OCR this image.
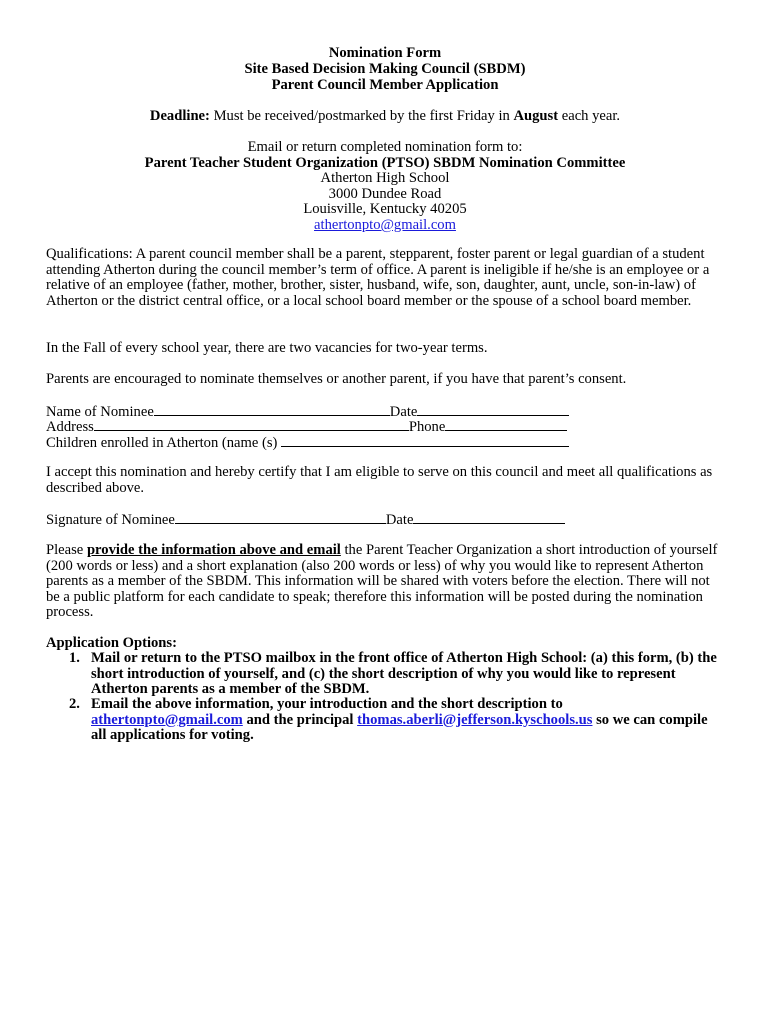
Nomination Form
Site Based Decision Making Council (SBDM)
Parent Council Member Application
Deadline: Must be received/postmarked by the first Friday in August each year.
Email or return completed nomination form to:
Parent Teacher Student Organization (PTSO) SBDM Nomination Committee
Atherton High School
3000 Dundee Road
Louisville, Kentucky 40205
athertonpto@gmail.com
Qualifications: A parent council member shall be a parent, stepparent, foster parent or legal guardian of a student attending Atherton during the council member’s term of office. A parent is ineligible if he/she is an employee or a relative of an employee (father, mother, brother, sister, husband, wife, son, daughter, aunt, uncle, son-in-law) of Atherton or the district central office, or a local school board member or the spouse of a school board member.
In the Fall of every school year, there are two vacancies for two-year terms.
Parents are encouraged to nominate themselves or another parent, if you have that parent’s consent.
Name of Nominee	Date
Address	Phone
Children enrolled in Atherton (name (s)
I accept this nomination and hereby certify that I am eligible to serve on this council and meet all qualifications as described above.
Signature of Nominee	Date
Please provide the information above and email the Parent Teacher Organization a short introduction of yourself (200 words or less) and a short explanation (also 200 words or less) of why you would like to represent Atherton parents as a member of the SBDM. This information will be shared with voters before the election. There will not be a public platform for each candidate to speak; therefore this information will be posted during the nomination process.
Application Options:
1. Mail or return to the PTSO mailbox in the front office of Atherton High School: (a) this form, (b) the short introduction of yourself, and (c) the short description of why you would like to represent Atherton parents as a member of the SBDM.
2. Email the above information, your introduction and the short description to
athertonpto@gmail.com and the principal thomas.aberli@jefferson.kyschools.us so we can compile all applications for voting.
